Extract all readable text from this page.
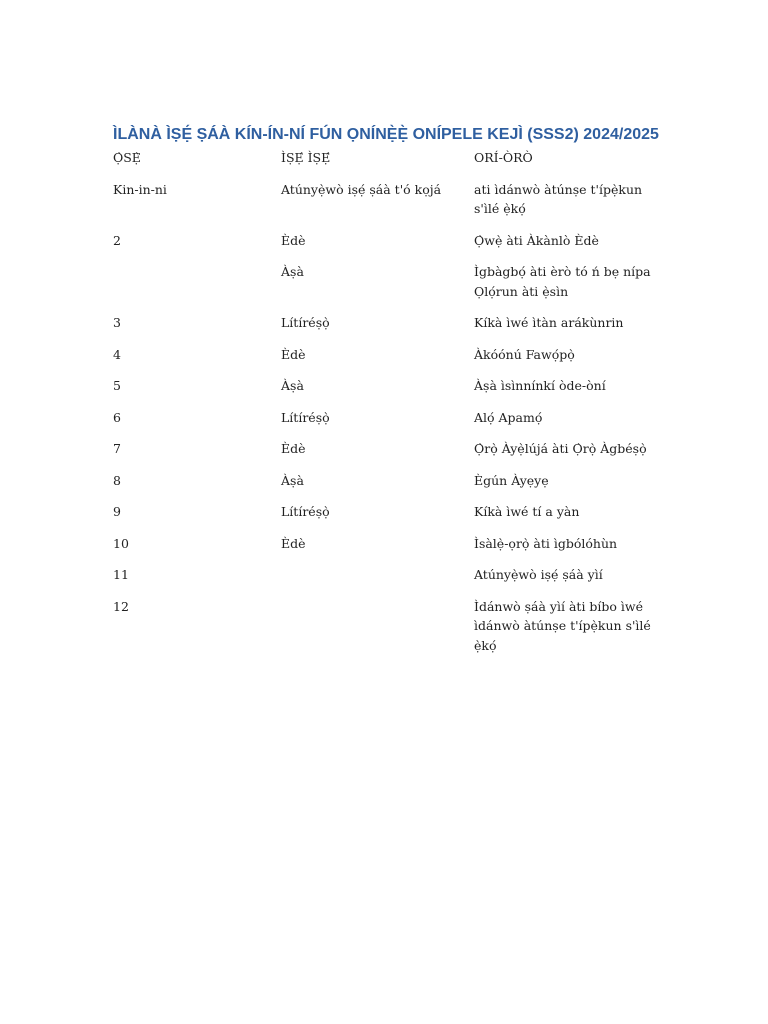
ÌLÀNÀ ÌṢẸ́ ṢÁÀ KÍN-ÍN-NÍ FÚN ỌNÍNẸ̀Ẹ̀ ONÍPELE KEJÌ (SSS2) 2024/2025
Ọ̀SẸ̀	ÌṢẸ́ ÌṢẸ́	ORÍ-ÒRÒ
Kin-in-ni	Atúnyẹ̀wò iṣẹ́ ṣáà t'ó kọjá	ati ìdánwò àtúnṣe t'ípẹ̀kun s'ìlé ẹ̀kọ́
2	Èdè	Ọ̀wẹ̀ àti Àkànlò Èdè
	Àṣà	Ìgbàgbọ́ àti èrò tó ń bẹ nípa Ọlọ́run àti ẹ̀sìn
3	Lítíréṣọ̀	Kíkà ìwé ìtàn arákùnrin
4	Èdè	Àkóónú Fawọ́pọ̀
5	Àṣà	Àṣà ìsìnnínkí òde-òní
6	Lítíréṣọ̀	Alọ́ Apamọ́
7	Èdè	Ọ̀rọ̀ Àyẹ̀lújá àti Ọ̀rọ̀ Àgbéṣọ̀
8	Àṣà	Ègún Àyẹyẹ
9	Lítíréṣọ̀	Kíkà ìwé tí a yàn
10	Èdè	Ìsàlẹ̀-ọrọ̀ àti ìgbólóhùn
11		Atúnyẹ̀wò iṣẹ́ ṣáà yìí
12		Ìdánwò ṣáà yìí àti bíbo ìwé ìdánwò àtúnṣe t'ípẹ̀kun s'ìlé ẹ̀kọ́
